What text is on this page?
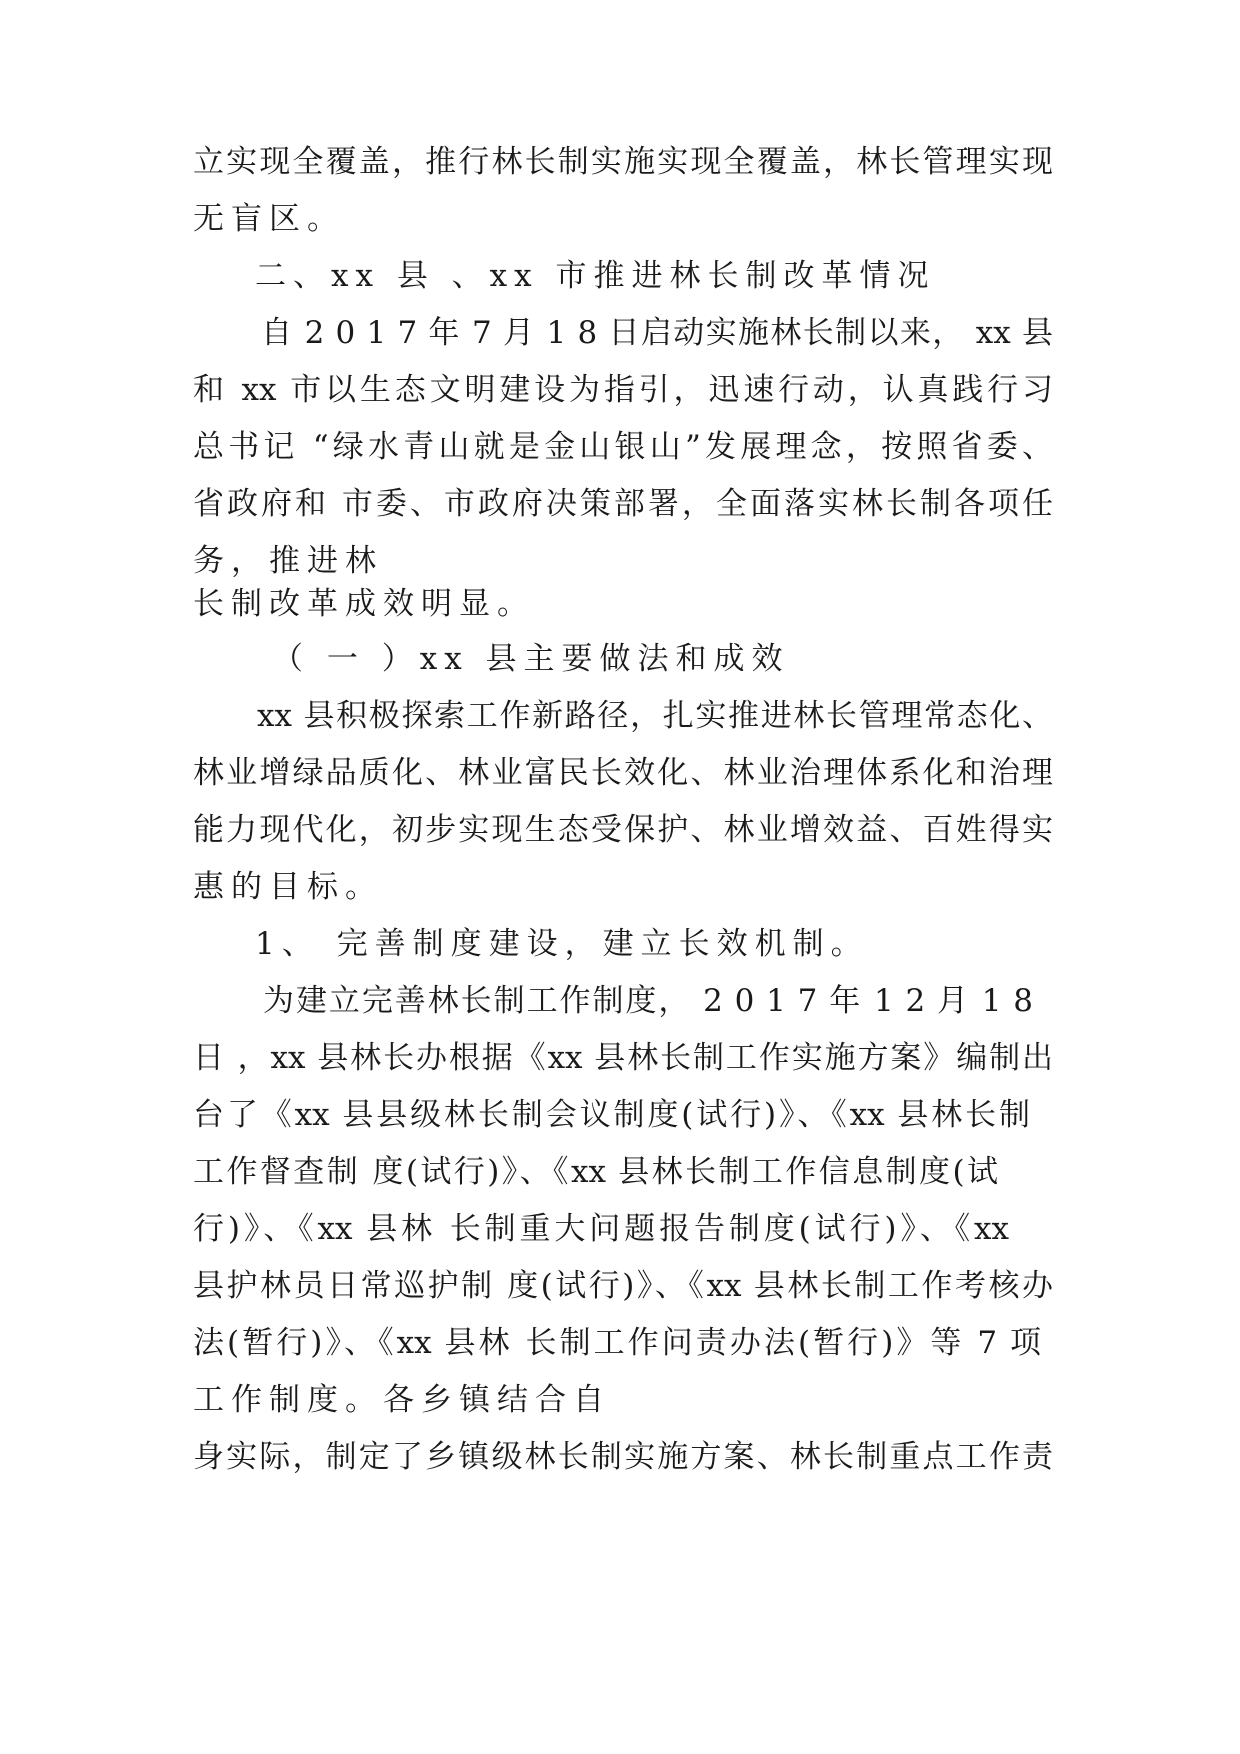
立实现全覆盖，推行林长制实施实现全覆盖，林长管理实现
无盲区。
二、xx 县 、xx 市推进林长制改革情况
自 2 0 1 7 年 7 月 1 8 日启动实施林长制以来， xx 县
和 xx 市以生态文明建设为指引，迅速行动，认真践行习
总书记 “绿水青山就是金山银山”发展理念，按照省委、
省政府和 市委、市政府决策部署，全面落实林长制各项任
务，推进林
长制改革成效明显。
（ 一 ）xx 县主要做法和成效
xx 县积极探索工作新路径，扎实推进林长管理常态化、
林业增绿品质化、林业富民长效化、林业治理体系化和治理
能力现代化，初步实现生态受保护、林业增效益、百姓得实
惠的目标。
1、 完善制度建设，建立长效机制。
为建立完善林长制工作制度， 2 0 1 7 年 1 2 月 1 8
日 ，xx 县林长办根据《xx 县林长制工作实施方案》编制出
台了《xx 县县级林长制会议制度(试行)》、《xx 县林长制
工作督查制 度(试行)》、《xx 县林长制工作信息制度(试
行)》、《xx 县林 长制重大问题报告制度(试行)》、《xx
县护林员日常巡护制 度(试行)》、《xx 县林长制工作考核办
法(暂行)》、《xx 县林 长制工作问责办法(暂行)》等 7 项
工作制度。各乡镇结合自
身实际，制定了乡镇级林长制实施方案、林长制重点工作责
